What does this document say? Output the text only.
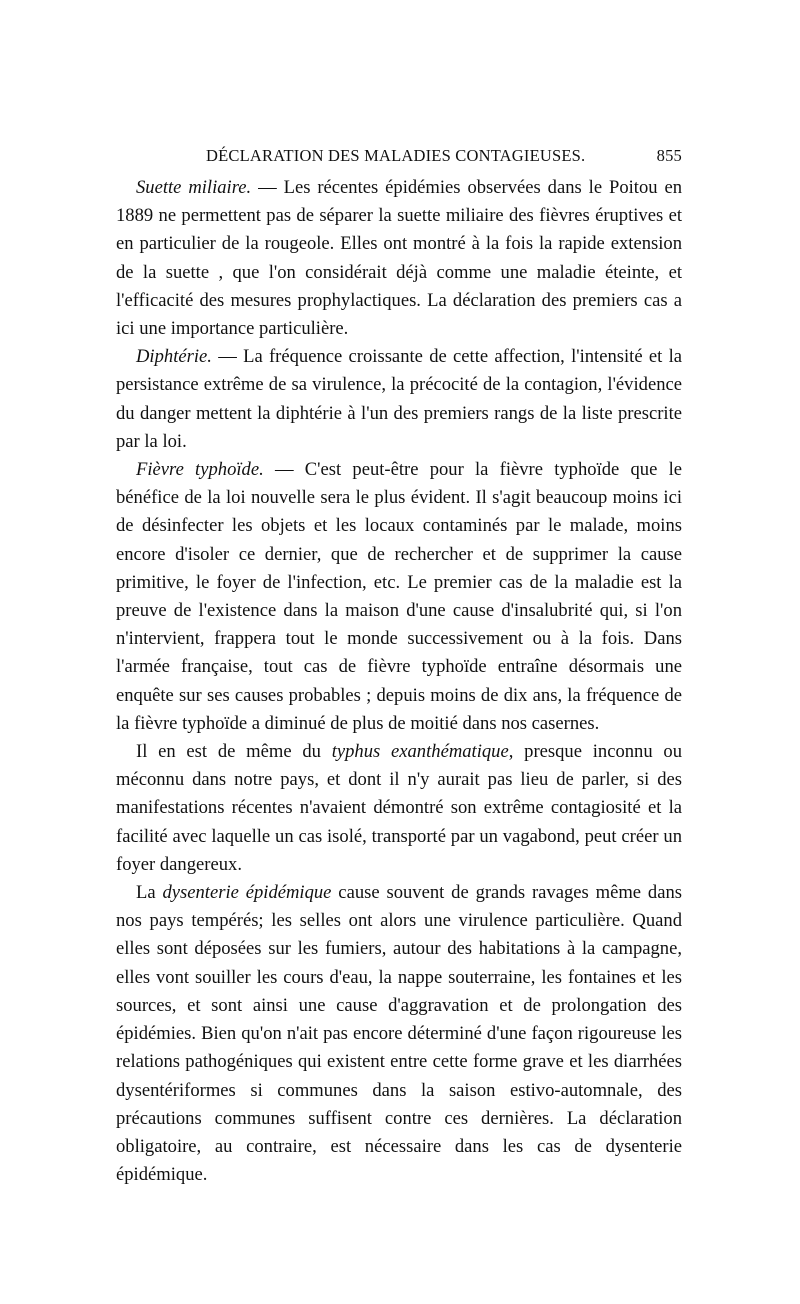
DÉCLARATION DES MALADIES CONTAGIEUSES.	855

Suette miliaire. — Les récentes épidémies observées dans le Poitou en 1889 ne permettent pas de séparer la suette miliaire des fièvres éruptives et en particulier de la rougeole. Elles ont montré à la fois la rapide extension de la suette , que l'on considérait déjà comme une maladie éteinte, et l'efficacité des mesures prophylactiques. La déclaration des premiers cas a ici une importance particulière.

Diphtérie. — La fréquence croissante de cette affection, l'intensité et la persistance extrême de sa virulence, la précocité de la contagion, l'évidence du danger mettent la diphtérie à l'un des premiers rangs de la liste prescrite par la loi.

Fièvre typhoïde. — C'est peut-être pour la fièvre typhoïde que le bénéfice de la loi nouvelle sera le plus évident. Il s'agit beaucoup moins ici de désinfecter les objets et les locaux contaminés par le malade, moins encore d'isoler ce dernier, que de rechercher et de supprimer la cause primitive, le foyer de l'infection, etc. Le premier cas de la maladie est la preuve de l'existence dans la maison d'une cause d'insalubrité qui, si l'on n'intervient, frappera tout le monde successivement ou à la fois. Dans l'armée française, tout cas de fièvre typhoïde entraîne désormais une enquête sur ses causes probables ; depuis moins de dix ans, la fréquence de la fièvre typhoïde a diminué de plus de moitié dans nos casernes.

Il en est de même du typhus exanthématique, presque inconnu ou méconnu dans notre pays, et dont il n'y aurait pas lieu de parler, si des manifestations récentes n'avaient démontré son extrême contagiosité et la facilité avec laquelle un cas isolé, transporté par un vagabond, peut créer un foyer dangereux.

La dysenterie épidémique cause souvent de grands ravages même dans nos pays tempérés; les selles ont alors une virulence particulière. Quand elles sont déposées sur les fumiers, autour des habitations à la campagne, elles vont souiller les cours d'eau, la nappe souterraine, les fontaines et les sources, et sont ainsi une cause d'aggravation et de prolongation des épidémies. Bien qu'on n'ait pas encore déterminé d'une façon rigoureuse les relations pathogéniques qui existent entre cette forme grave et les diarrhées dysentériformes si communes dans la saison estivo-automnale, des précautions communes suffisent contre ces dernières. La déclaration obligatoire, au contraire, est nécessaire dans les cas de dysenterie épidémique.
